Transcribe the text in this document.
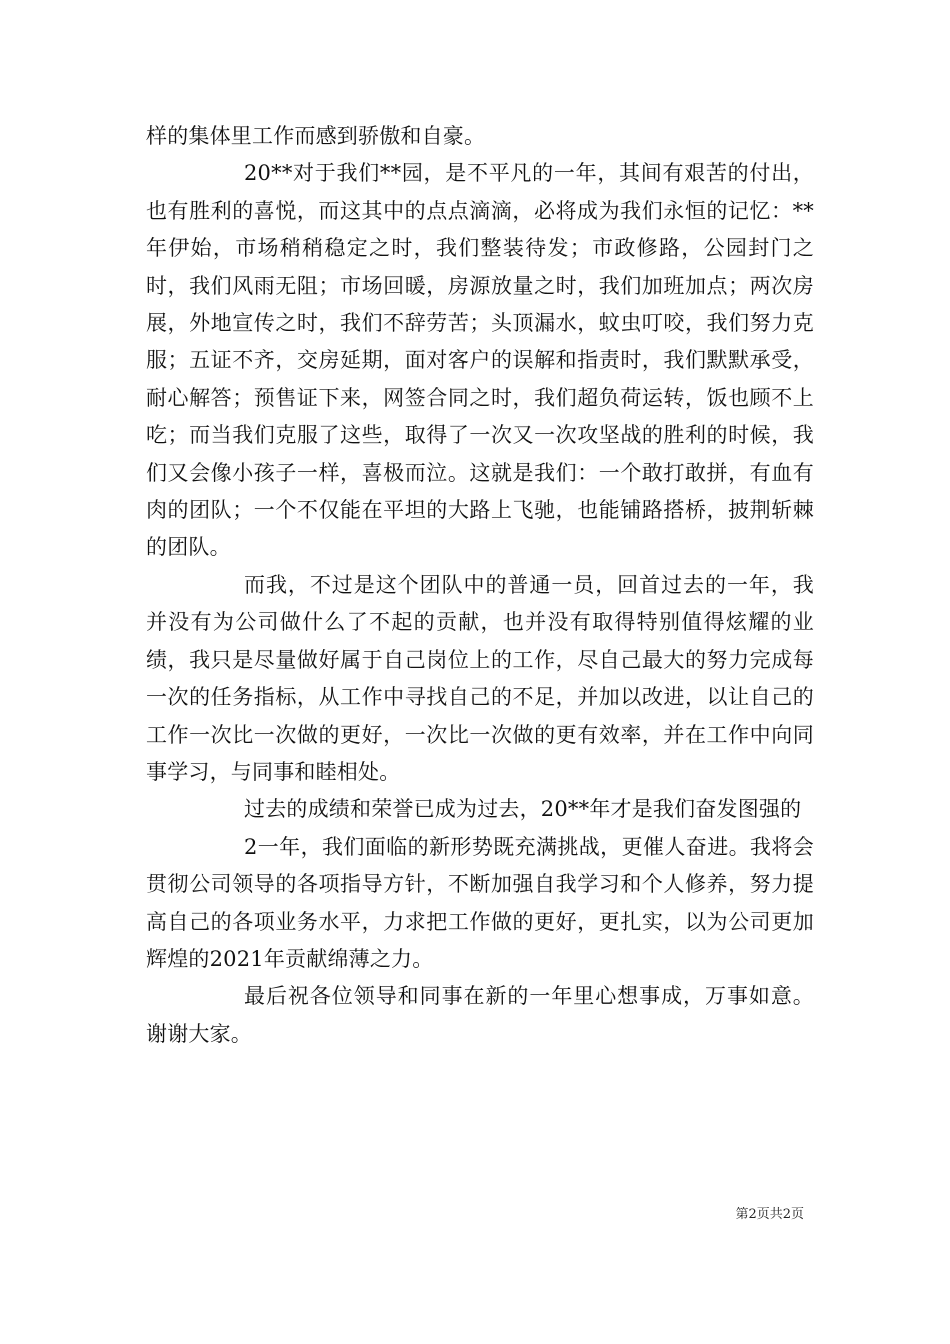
样的集体里工作而感到骄傲和自豪。

20**对于我们**园，是不平凡的一年，其间有艰苦的付出，也有胜利的喜悦，而这其中的点点滴滴，必将成为我们永恒的记忆：**年伊始，市场稍稍稳定之时，我们整装待发；市政修路，公园封门之时，我们风雨无阻；市场回暖，房源放量之时，我们加班加点；两次房展，外地宣传之时，我们不辞劳苦；头顶漏水，蚊虫叮咬，我们努力克服；五证不齐，交房延期，面对客户的误解和指责时，我们默默承受，耐心解答；预售证下来，网签合同之时，我们超负荷运转，饭也顾不上吃；而当我们克服了这些，取得了一次又一次攻坚战的胜利的时候，我们又会像小孩子一样，喜极而泣。这就是我们：一个敢打敢拼，有血有肉的团队；一个不仅能在平坦的大路上飞驰，也能铺路搭桥，披荆斩棘的团队。

而我，不过是这个团队中的普通一员，回首过去的一年，我并没有为公司做什么了不起的贡献，也并没有取得特别值得炫耀的业绩，我只是尽量做好属于自己岗位上的工作，尽自己最大的努力完成每一次的任务指标，从工作中寻找自己的不足，并加以改进，以让自己的工作一次比一次做的更好，一次比一次做的更有效率，并在工作中向同事学习，与同事和睦相处。

过去的成绩和荣誉已成为过去，20**年才是我们奋发图强的

2一年，我们面临的新形势既充满挑战，更催人奋进。我将会贯彻公司领导的各项指导方针，不断加强自我学习和个人修养，努力提高自己的各项业务水平，力求把工作做的更好，更扎实，以为公司更加辉煌的2021年贡献绵薄之力。

最后祝各位领导和同事在新的一年里心想事成，万事如意。谢谢大家。

第2页共2页
